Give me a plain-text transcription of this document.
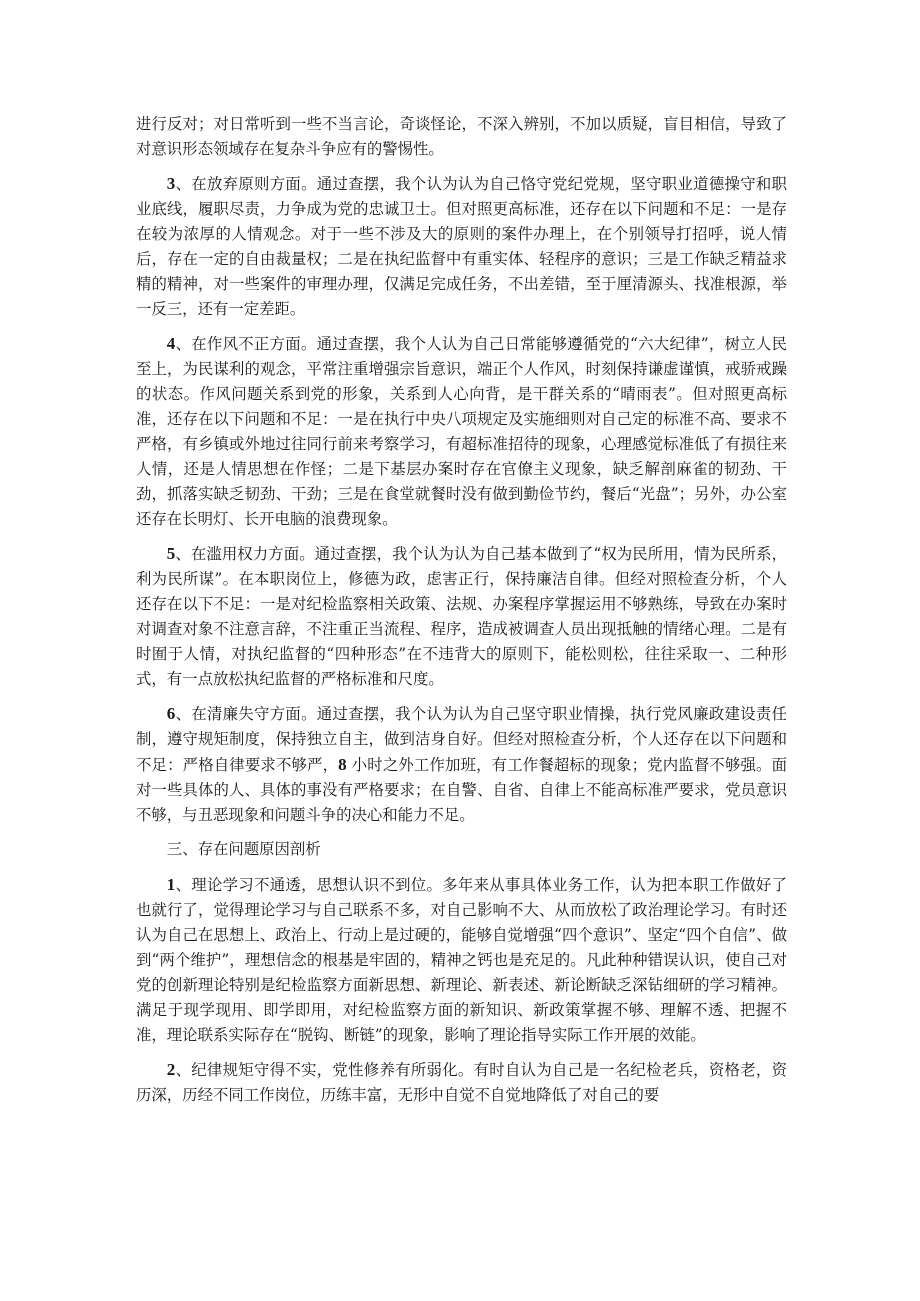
进行反对；对日常听到一些不当言论，奇谈怪论，不深入辨别，不加以质疑，盲目相信，导致了对意识形态领域存在复杂斗争应有的警惕性。

3、在放弃原则方面。通过查摆，我个认为认为自己恪守党纪党规，坚守职业道德操守和职业底线，履职尽责，力争成为党的忠诚卫士。但对照更高标准，还存在以下问题和不足：一是存在较为浓厚的人情观念。对于一些不涉及大的原则的案件办理上，在个别领导打招呼，说人情后，存在一定的自由裁量权；二是在执纪监督中有重实体、轻程序的意识；三是工作缺乏精益求精的精神，对一些案件的审理办理，仅满足完成任务，不出差错，至于厘清源头、找准根源，举一反三，还有一定差距。

4、在作风不正方面。通过查摆，我个人认为自己日常能够遵循党的“六大纪律”，树立人民至上，为民谋利的观念，平常注重增强宗旨意识，端正个人作风，时刻保持谦虚谨慎，戒骄戒躁的状态。作风问题关系到党的形象，关系到人心向背，是干群关系的“晴雨表”。但对照更高标准，还存在以下问题和不足：一是在执行中央八项规定及实施细则对自己定的标准不高、要求不严格，有乡镇或外地过往同行前来考察学习，有超标准招待的现象，心理感觉标准低了有损往来人情，还是人情思想在作怪；二是下基层办案时存在官僚主义现象，缺乏解剖麻雀的韧劲、干劲，抓落实缺乏韧劲、干劲；三是在食堂就餐时没有做到勤俭节约，餐后“光盘”；另外，办公室还存在长明灯、长开电脑的浪费现象。

5、在滥用权力方面。通过查摆，我个认为认为自己基本做到了“权为民所用，情为民所系，利为民所谋”。在本职岗位上，修德为政，虑害正行，保持廉洁自律。但经对照检查分析，个人还存在以下不足：一是对纪检监察相关政策、法规、办案程序掌握运用不够熟练，导致在办案时对调查对象不注意言辞，不注重正当流程、程序，造成被调查人员出现抵触的情绪心理。二是有时囿于人情，对执纪监督的“四种形态”在不违背大的原则下，能松则松，往往采取一、二种形式，有一点放松执纪监督的严格标准和尺度。

6、在清廉失守方面。通过查摆，我个认为认为自己坚守职业情操，执行党风廉政建设责任制，遵守规矩制度，保持独立自主，做到洁身自好。但经对照检查分析，个人还存在以下问题和不足：严格自律要求不够严，8 小时之外工作加班，有工作餐超标的现象；党内监督不够强。面对一些具体的人、具体的事没有严格要求；在自警、自省、自律上不能高标准严要求，党员意识不够，与丑恶现象和问题斗争的决心和能力不足。

三、存在问题原因剖析

1、理论学习不通透，思想认识不到位。多年来从事具体业务工作，认为把本职工作做好了也就行了，觉得理论学习与自己联系不多，对自己影响不大、从而放松了政治理论学习。有时还认为自己在思想上、政治上、行动上是过硬的，能够自觉增强“四个意识”、坚定“四个自信”、做到“两个维护”，理想信念的根基是牢固的，精神之钙也是充足的。凡此种种错误认识，使自己对党的创新理论特别是纪检监察方面新思想、新理论、新表述、新论断缺乏深钻细研的学习精神。满足于现学现用、即学即用，对纪检监察方面的新知识、新政策掌握不够、理解不透、把握不准，理论联系实际存在“脱钩、断链”的现象，影响了理论指导实际工作开展的效能。

2、纪律规矩守得不实，党性修养有所弱化。有时自认为自己是一名纪检老兵，资格老，资历深，历经不同工作岗位，历练丰富，无形中自觉不自觉地降低了对自己的要
